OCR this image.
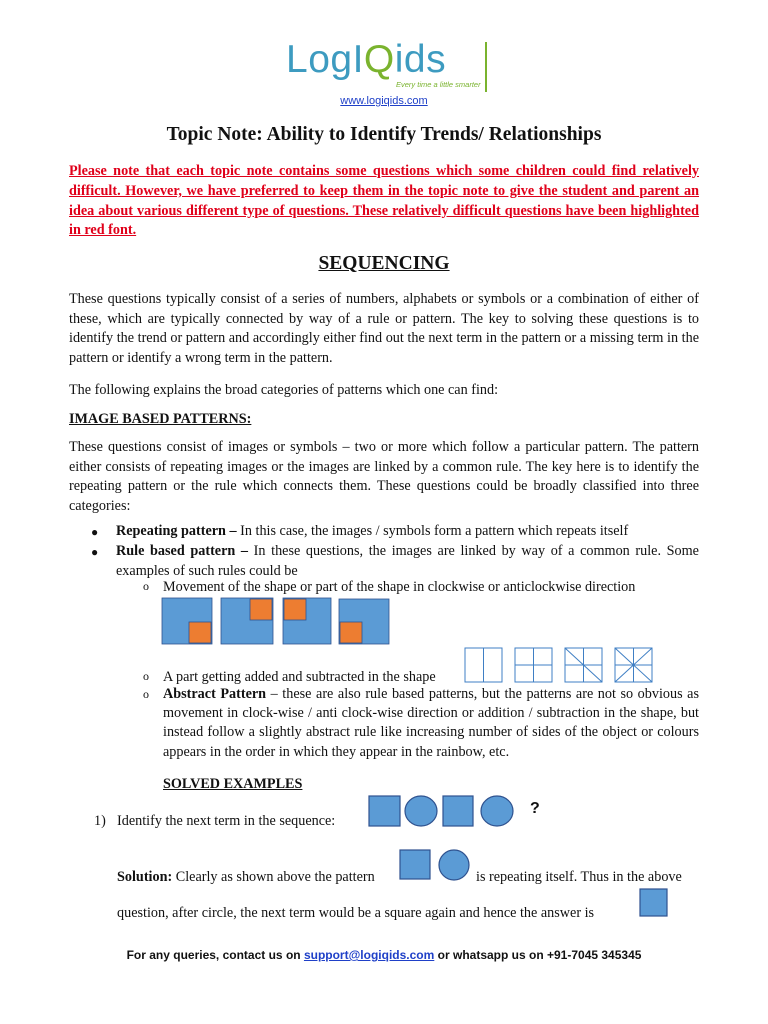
LogIQids
Every time a little smarter
www.logiqids.com
Topic Note: Ability to Identify Trends/ Relationships
Please note that each topic note contains some questions which some children could find relatively difficult. However, we have preferred to keep them in the topic note to give the student and parent an idea about various different type of questions. These relatively difficult questions have been highlighted in red font.
SEQUENCING
These questions typically consist of a series of numbers, alphabets or symbols or a combination of either of these, which are typically connected by way of a rule or pattern. The key to solving these questions is to identify the trend or pattern and accordingly either find out the next term in the pattern or a missing term in the pattern or identify a wrong term in the pattern.
The following explains the broad categories of patterns which one can find:
IMAGE BASED PATTERNS:
These questions consist of images or symbols – two or more which follow a particular pattern. The pattern either consists of repeating images or the images are linked by a common rule. The key here is to identify the repeating pattern or the rule which connects them. These questions could be broadly classified into three categories:
● Repeating pattern – In this case, the images / symbols form a pattern which repeats itself
● Rule based pattern – In these questions, the images are linked by way of a common rule. Some examples of such rules could be
o Movement of the shape or part of the shape in clockwise or anticlockwise direction
o A part getting added and subtracted in the shape
o Abstract Pattern – these are also rule based patterns, but the patterns are not so obvious as movement in clock-wise / anti clock-wise direction or addition / subtraction in the shape, but instead follow a slightly abstract rule like increasing number of sides of the object or colours appears in the order in which they appear in the rainbow, etc.
SOLVED EXAMPLES
1) Identify the next term in the sequence:
?
Solution: Clearly as shown above the pattern	is repeating itself. Thus in the above
question, after circle, the next term would be a square again and hence the answer is
For any queries, contact us on support@logiqids.com or whatsapp us on +91-7045 345345
